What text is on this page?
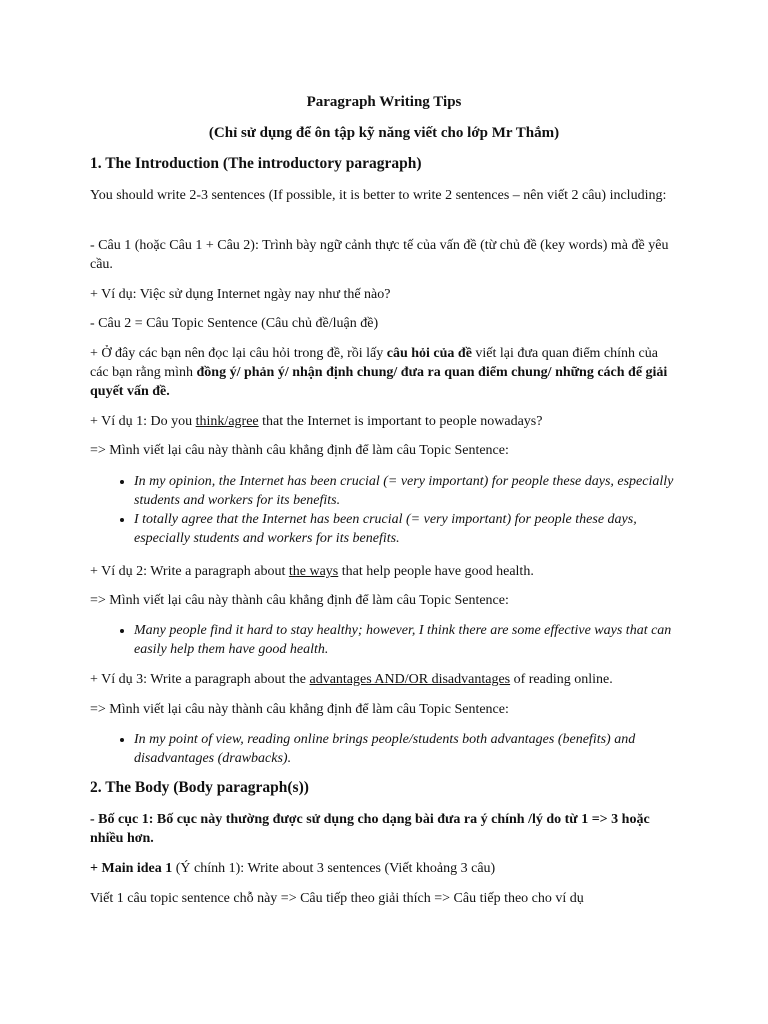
Paragraph Writing Tips
(Chỉ sử dụng để ôn tập kỹ năng viết cho lớp Mr Thắm)
1. The Introduction (The introductory paragraph)
You should write 2-3 sentences (If possible, it is better to write 2 sentences – nên viết 2 câu) including:
- Câu 1 (hoặc Câu 1 + Câu 2): Trình bày ngữ cảnh thực tế của vấn đề (từ chủ đề (key words) mà đề yêu cầu.
+ Ví dụ: Việc sử dụng Internet ngày nay như thế nào?
- Câu 2 = Câu Topic Sentence (Câu chủ đề/luận đề)
+ Ở đây các bạn nên đọc lại câu hỏi trong đề, rồi lấy câu hỏi của đề viết lại đưa quan điểm chính của các bạn rằng mình đồng ý/ phản ý/ nhận định chung/ đưa ra quan điểm chung/ những cách để giải quyết vấn đề.
+ Ví dụ 1: Do you think/agree that the Internet is important to people nowadays?
=> Mình viết lại câu này thành câu khẳng định để làm câu Topic Sentence:
• In my opinion, the Internet has been crucial (= very important) for people these days, especially students and workers for its benefits.
• I totally agree that the Internet has been crucial (= very important) for people these days, especially students and workers for its benefits.
+ Ví dụ 2: Write a paragraph about the ways that help people have good health.
=> Mình viết lại câu này thành câu khẳng định để làm câu Topic Sentence:
• Many people find it hard to stay healthy; however, I think there are some effective ways that can easily help them have good health.
+ Ví dụ 3: Write a paragraph about the advantages AND/OR disadvantages of reading online.
=> Mình viết lại câu này thành câu khẳng định để làm câu Topic Sentence:
• In my point of view, reading online brings people/students both advantages (benefits) and disadvantages (drawbacks).
2. The Body (Body paragraph(s))
- Bố cục 1: Bố cục này thường được sử dụng cho dạng bài đưa ra ý chính /lý do từ 1 => 3 hoặc nhiều hơn.
+ Main idea 1 (Ý chính 1): Write about 3 sentences (Viết khoảng 3 câu)
Viết 1 câu topic sentence chỗ này => Câu tiếp theo giải thích => Câu tiếp theo cho ví dụ
